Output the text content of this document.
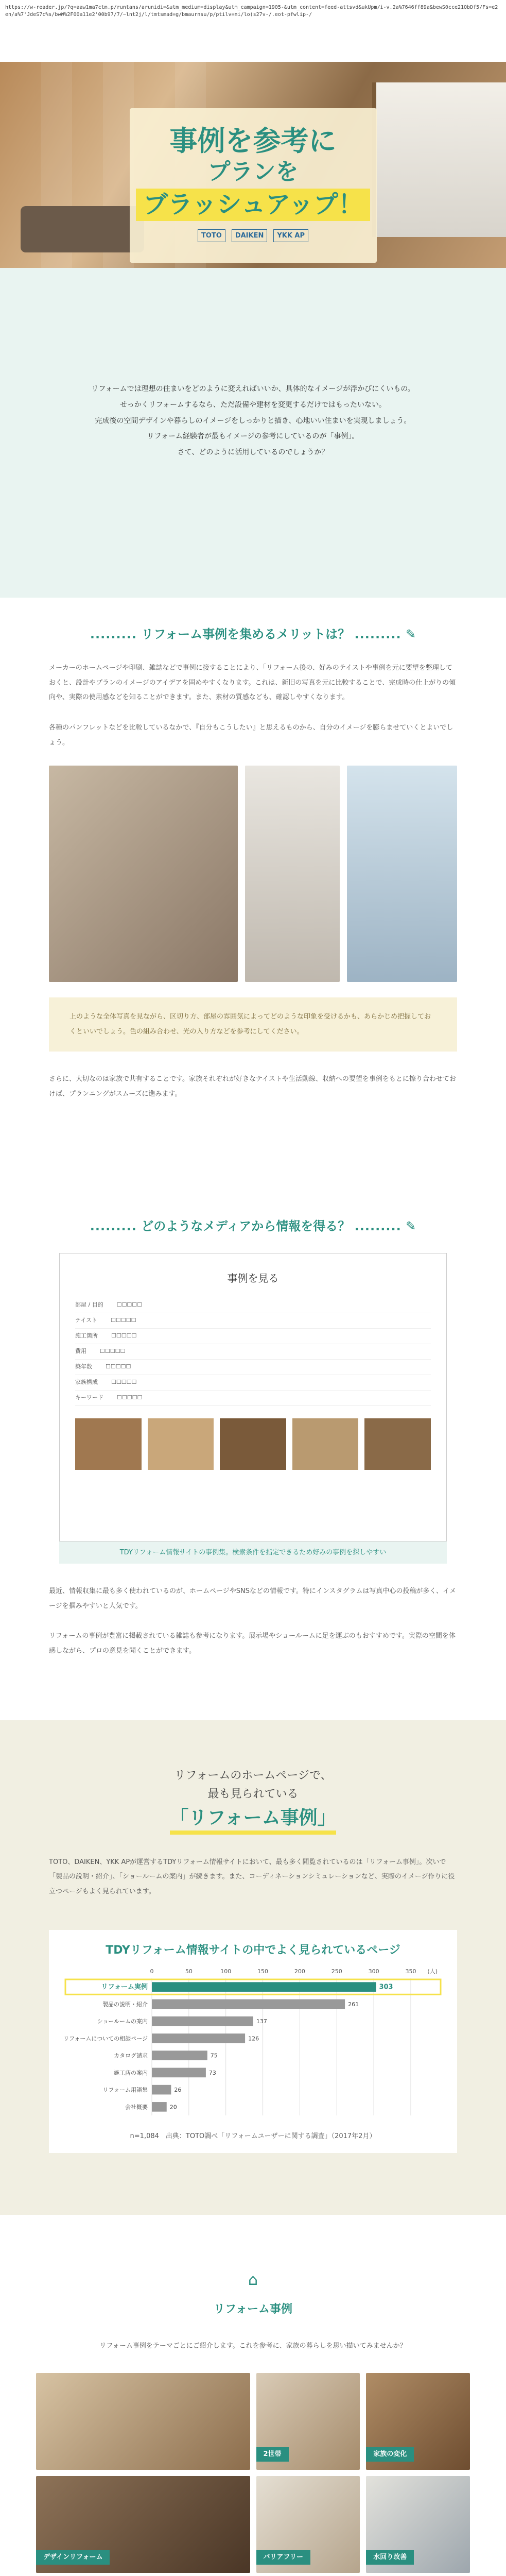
https://w-reader.jp/?q=aaw1ma7ctm.p/runtans/arunidi=&utm_medium=display&utm_campaign=1905-&utm_content=feed-attsvd&ukUpm/i-v.2a%7646ff89a&bewS0cce21ObDf5/Fs=e2en/a%7'JdeS7c%s/bwW%2F00a11e2'00b97/7/~lnt2j/l/tmtsmad=g/bmaurnsu/p/ptilv=ni/lo(s27v-/.eot-pfwlip-/
事例を参考に
プランを
ブラッシュアップ！
TOTO	DAIKEN	YKK AP

リフォームでは理想の住まいをどのように変えればいいか、具体的なイメージが浮かびにくいもの。

せっかくリフォームするなら、ただ設備や建材を変更するだけではもったいない。

完成後の空間デザインや暮らしのイメージをしっかりと描き、心地いい住まいを実現しましょう。

リフォーム経験者が最もイメージの参考にしているのが「事例」。

さて、どのように活用しているのでしょうか？

......... リフォーム事例を集めるメリットは？ ......... ✎

メーカーのホームページや印刷、雑誌などで事例に接することにより、「リフォーム後の、好みのテイストや事例を元に要望を整理しておくと、設計やプランのイメージのアイデアを固めやすくなります。これは、新旧の写真を元に比較することで、完成時の仕上がりの傾向や、実際の使用感などを知ることができます。また、素材の質感なども、確認しやすくなります。

各種のパンフレットなどを比較しているなかで、『自分もこうしたい』と思えるものから、自分のイメージを膨らませていくとよいでしょう。

上のような全体写真を見ながら、区切り方、部屋の雰囲気によってどのような印象を受けるかも、あらかじめ把握しておくといいでしょう。色の組み合わせ、光の入り方などを参考にしてください。

さらに、大切なのは家族で共有することです。家族それぞれが好きなテイストや生活動線、収納への要望を事例をもとに擦り合わせておけば、プランニングがスムーズに進みます。

......... どのようなメディアから情報を得る？ ......... ✎
事例を見る
部屋 / 目的 ☐☐☐☐☐
テイスト ☐☐☐☐☐
施工箇所 ☐☐☐☐☐
費用 ☐☐☐☐☐
築年数 ☐☐☐☐☐
家族構成 ☐☐☐☐☐
キーワード ☐☐☐☐☐
TDYリフォーム情報サイトの事例集。検索条件を指定できるため好みの事例を探しやすい

最近、情報収集に最も多く使われているのが、ホームページやSNSなどの情報です。特にインスタグラムは写真中心の投稿が多く、イメージを掴みやすいと人気です。

リフォームの事例が豊富に掲載されている雑誌も参考になります。展示場やショールームに足を運ぶのもおすすめです。実際の空間を体感しながら、プロの意見を聞くことができます。

リフォームのホームページで、
最も見られている
「リフォーム事例」

TOTO、DAIKEN、YKK APが運営するTDYリフォーム情報サイトにおいて、最も多く閲覧されているのは「リフォーム事例」。次いで「製品の説明・紹介」、「ショールームの案内」が続きます。また、コーディネーションシミュレーションなど、実際のイメージ作りに役立つページもよく見られています。

TDYリフォーム情報サイトの中でよく見られているページ
0	50	100	150	200	250	300	350 (人)
リフォーム実例	303
製品の説明・紹介	261
ショールームの案内	137
リフォームについての相談ページ	126
カタログ請求	75
施工店の案内	73
リフォーム用語集	26
会社概要	20
n=1,084　出典：TOTO調べ「リフォームユーザーに関する調査」（2017年2月）
⌂
リフォーム事例
リフォーム事例をテーマごとにご紹介します。これを参考に、家族の暮らしを思い描いてみませんか？
2世帯	家族の変化
デザインリフォーム	バリアフリー	水回り改善
